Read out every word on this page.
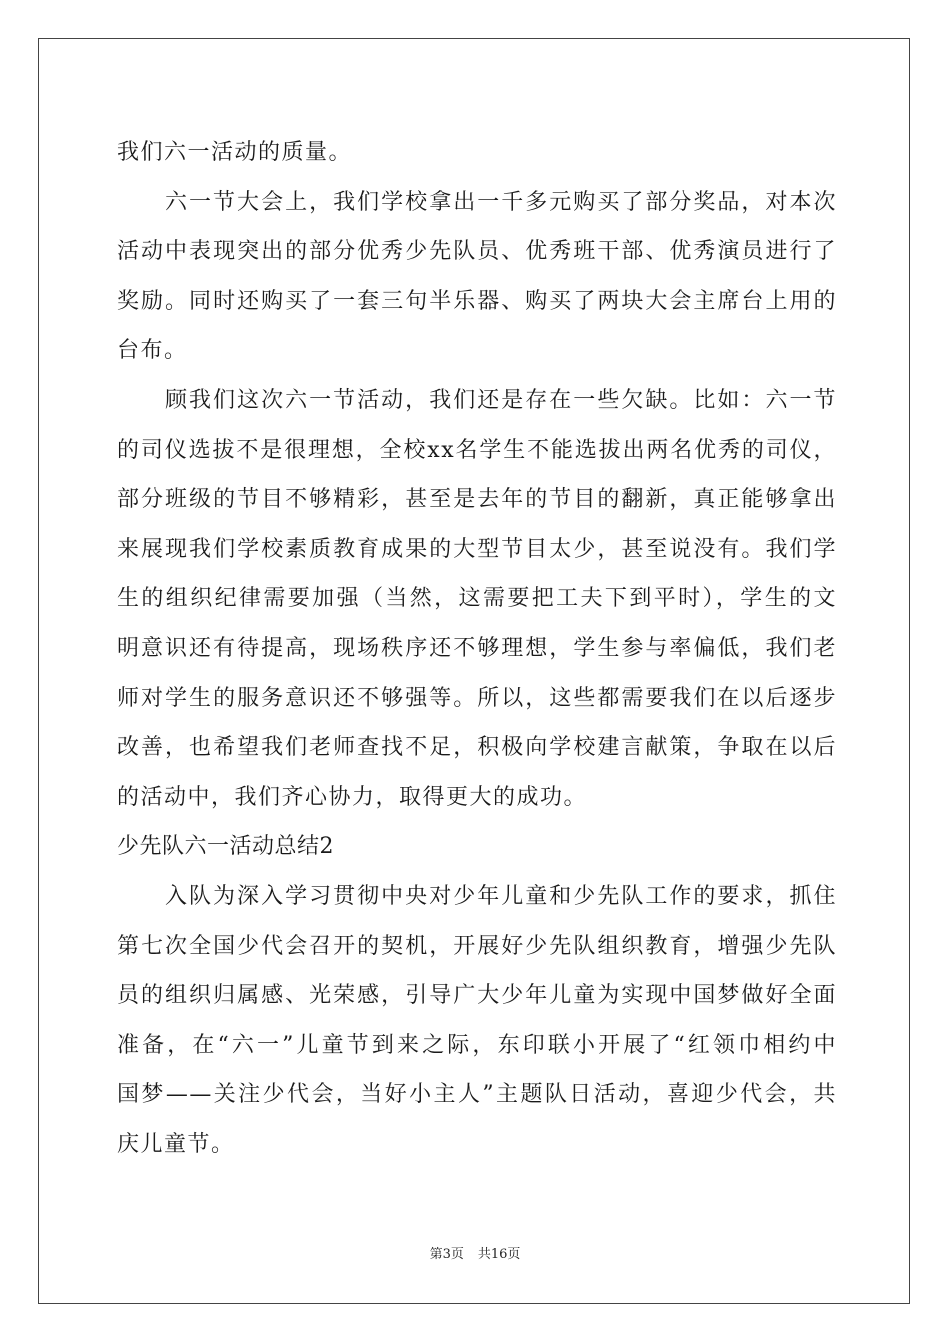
我们六一活动的质量。
六一节大会上，我们学校拿出一千多元购买了部分奖品，对本次
活动中表现突出的部分优秀少先队员、优秀班干部、优秀演员进行了
奖励。同时还购买了一套三句半乐器、购买了两块大会主席台上用的
台布。
顾我们这次六一节活动，我们还是存在一些欠缺。比如：六一节
的司仪选拔不是很理想，全校xx名学生不能选拔出两名优秀的司仪，
部分班级的节目不够精彩，甚至是去年的节目的翻新，真正能够拿出
来展现我们学校素质教育成果的大型节目太少，甚至说没有。我们学
生的组织纪律需要加强（当然，这需要把工夫下到平时），学生的文
明意识还有待提高，现场秩序还不够理想，学生参与率偏低，我们老
师对学生的服务意识还不够强等。所以，这些都需要我们在以后逐步
改善，也希望我们老师查找不足，积极向学校建言献策，争取在以后
的活动中，我们齐心协力，取得更大的成功。
少先队六一活动总结2
入队为深入学习贯彻中央对少年儿童和少先队工作的要求，抓住
第七次全国少代会召开的契机，开展好少先队组织教育，增强少先队
员的组织归属感、光荣感，引导广大少年儿童为实现中国梦做好全面
准备，在“六一”儿童节到来之际，东印联小开展了“红领巾相约中
国梦——关注少代会，当好小主人”主题队日活动，喜迎少代会，共
庆儿童节。
第3页 共16页
